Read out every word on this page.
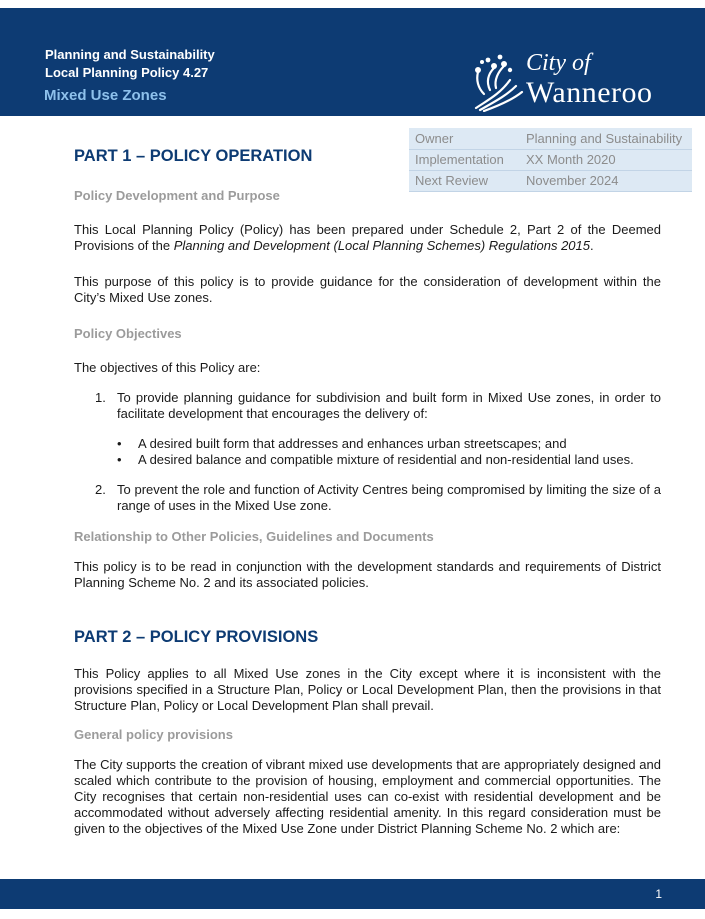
Planning and Sustainability
Local Planning Policy 4.27
Mixed Use Zones
City of
Wanneroo
Owner	Planning and Sustainability
Implementation	XX Month 2020
Next Review	November 2024
PART 1 – POLICY OPERATION
Policy Development and Purpose
This Local Planning Policy (Policy) has been prepared under Schedule 2, Part 2 of the Deemed Provisions of the Planning and Development (Local Planning Schemes) Regulations 2015.
This purpose of this policy is to provide guidance for the consideration of development within the City’s Mixed Use zones.
Policy Objectives
The objectives of this Policy are:
1. To provide planning guidance for subdivision and built form in Mixed Use zones, in order to facilitate development that encourages the delivery of:
• A desired built form that addresses and enhances urban streetscapes; and
• A desired balance and compatible mixture of residential and non-residential land uses.
2. To prevent the role and function of Activity Centres being compromised by limiting the size of a range of uses in the Mixed Use zone.
Relationship to Other Policies, Guidelines and Documents
This policy is to be read in conjunction with the development standards and requirements of District Planning Scheme No. 2 and its associated policies.
PART 2 – POLICY PROVISIONS
This Policy applies to all Mixed Use zones in the City except where it is inconsistent with the provisions specified in a Structure Plan, Policy or Local Development Plan, then the provisions in that Structure Plan, Policy or Local Development Plan shall prevail.
General policy provisions
The City supports the creation of vibrant mixed use developments that are appropriately designed and scaled which contribute to the provision of housing, employment and commercial opportunities. The City recognises that certain non-residential uses can co-exist with residential development and be accommodated without adversely affecting residential amenity. In this regard consideration must be given to the objectives of the Mixed Use Zone under District Planning Scheme No. 2 which are:
1
